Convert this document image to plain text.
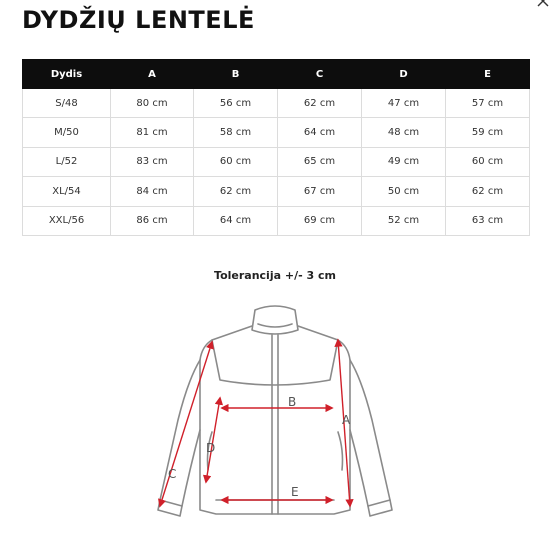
DYDŽIŲ LENTELĖ
Dydis	A	B	C	D	E
S/48	80 cm	56 cm	62 cm	47 cm	57 cm
M/50	81 cm	58 cm	64 cm	48 cm	59 cm
L/52	83 cm	60 cm	65 cm	49 cm	60 cm
XL/54	84 cm	62 cm	67 cm	50 cm	62 cm
XXL/56	86 cm	64 cm	69 cm	52 cm	63 cm
Tolerancija +/- 3 cm
B
E
A
C
D
